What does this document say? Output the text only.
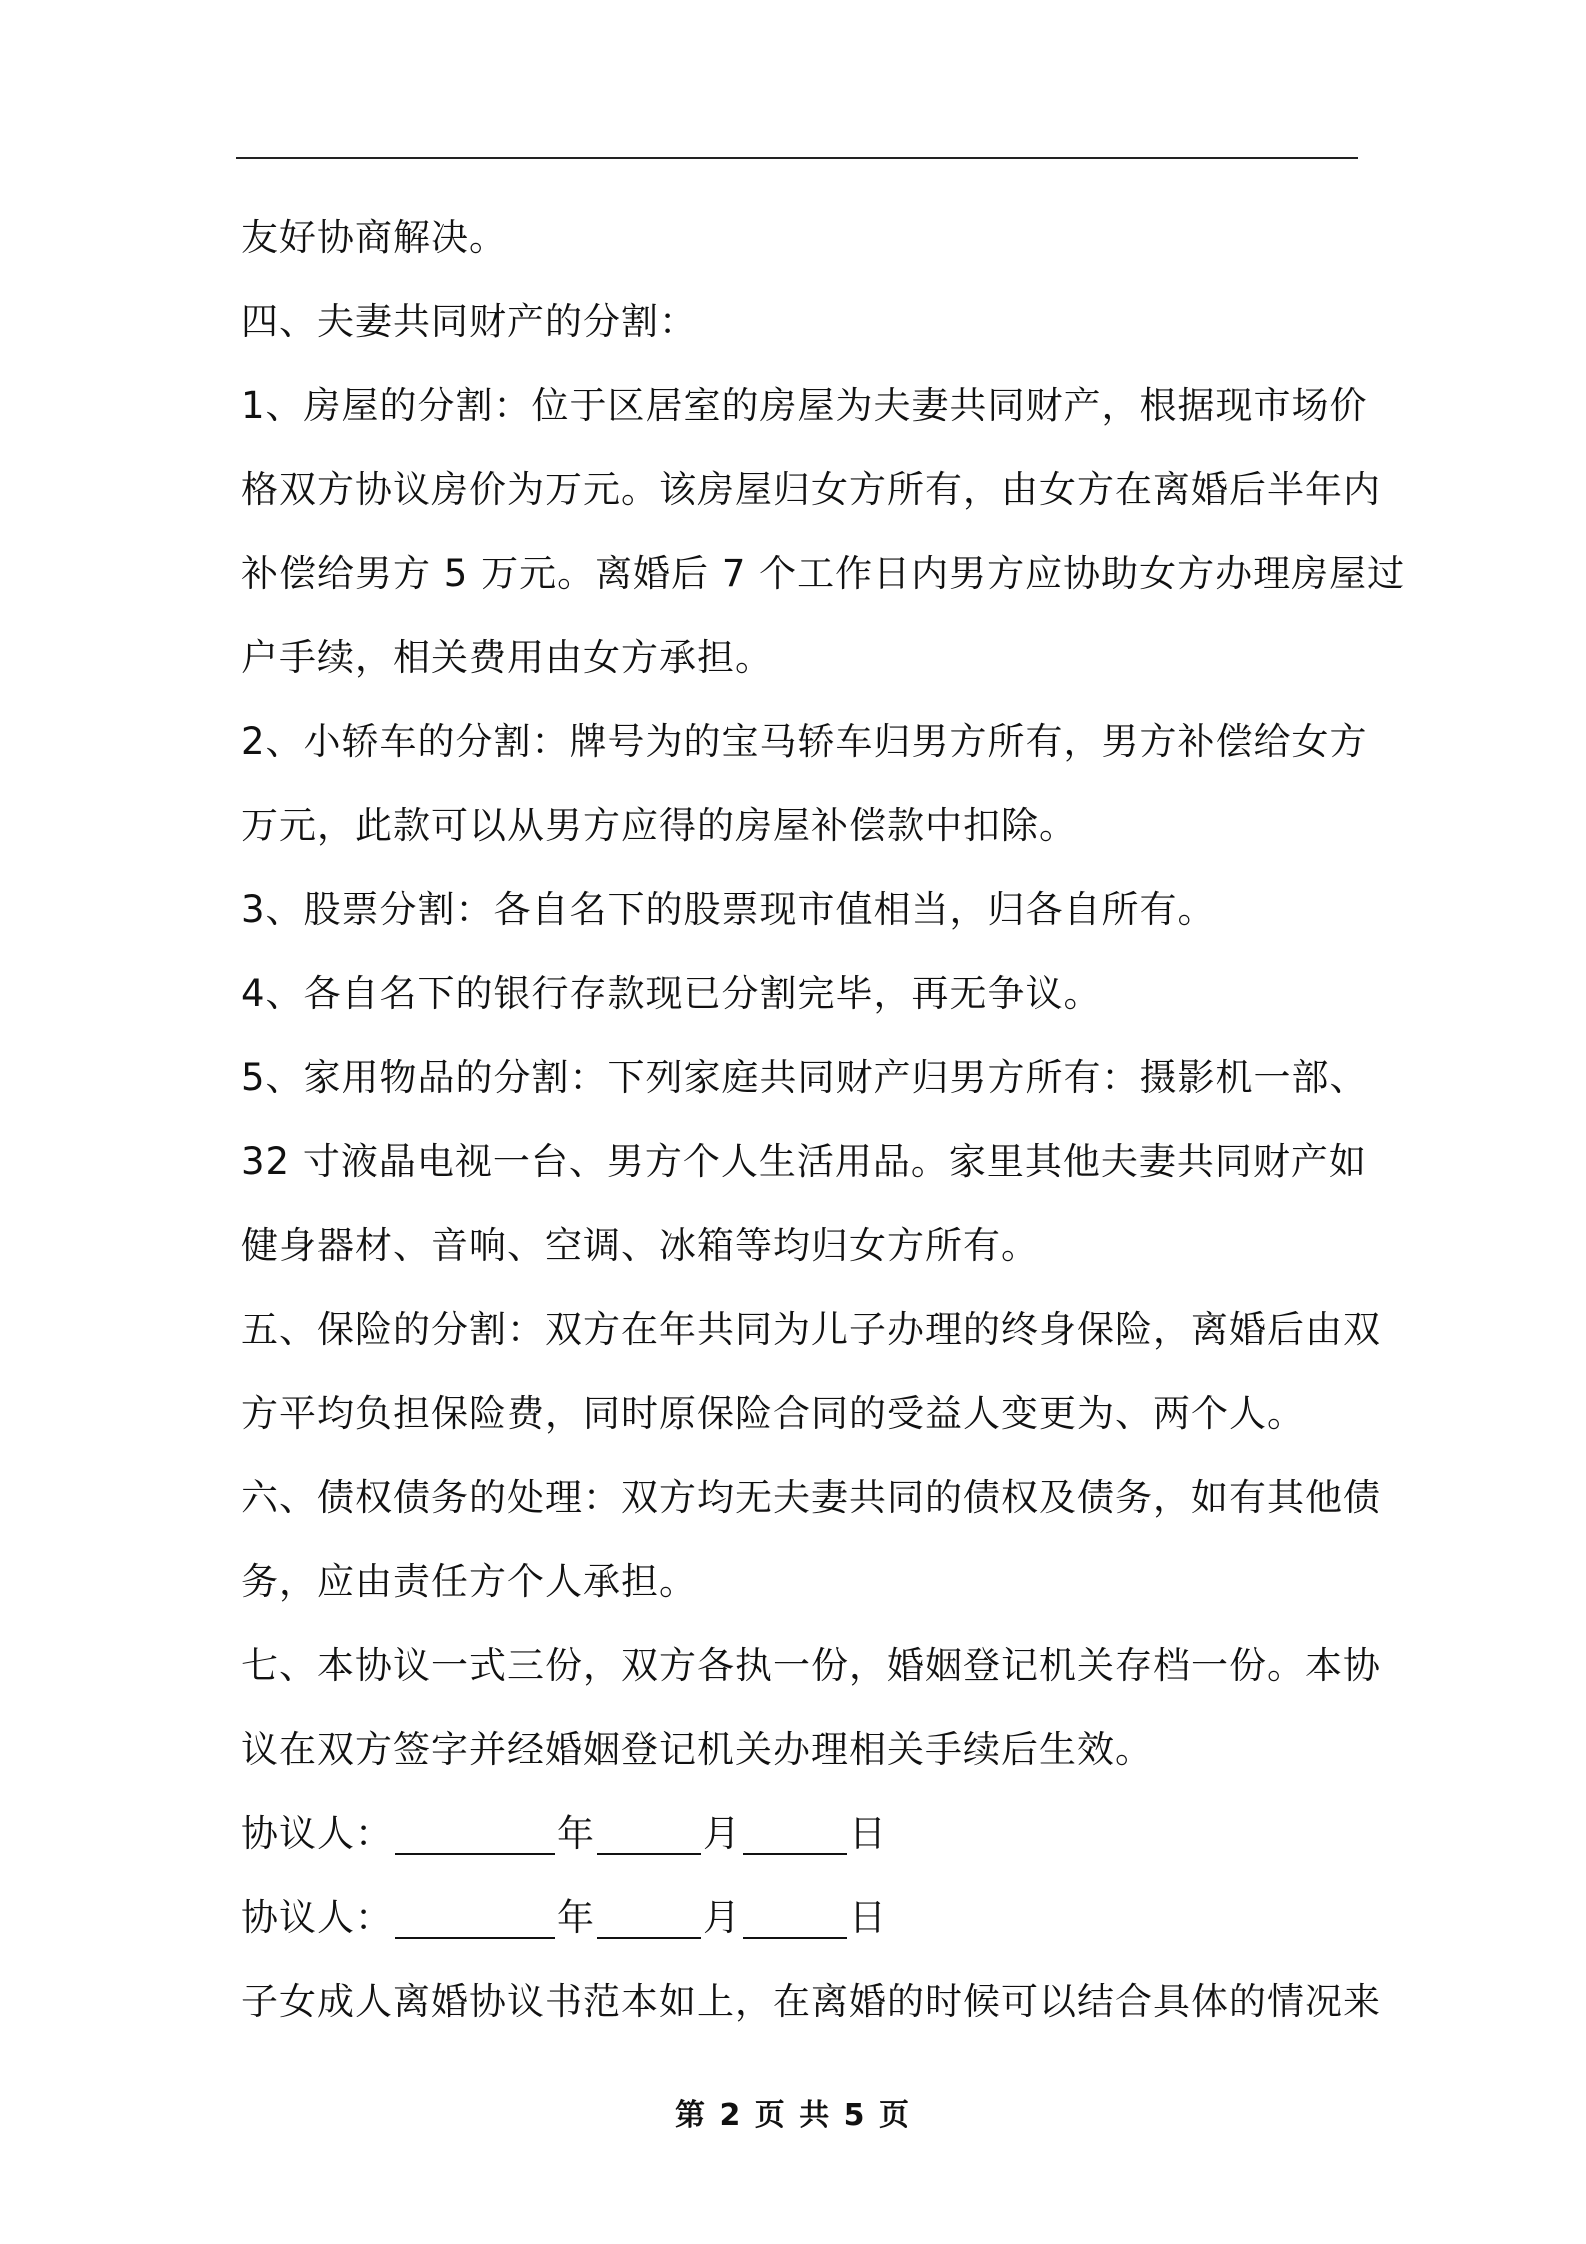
友好协商解决。
四、夫妻共同财产的分割：
1、房屋的分割：位于区居室的房屋为夫妻共同财产，根据现市场价
格双方协议房价为万元。该房屋归女方所有，由女方在离婚后半年内
补偿给男方 5 万元。离婚后 7 个工作日内男方应协助女方办理房屋过
户手续，相关费用由女方承担。
2、小轿车的分割：牌号为的宝马轿车归男方所有，男方补偿给女方
万元，此款可以从男方应得的房屋补偿款中扣除。
3、股票分割：各自名下的股票现市值相当，归各自所有。
4、各自名下的银行存款现已分割完毕，再无争议。
5、家用物品的分割：下列家庭共同财产归男方所有：摄影机一部、
32 寸液晶电视一台、男方个人生活用品。家里其他夫妻共同财产如
健身器材、音响、空调、冰箱等均归女方所有。
五、保险的分割：双方在年共同为儿子办理的终身保险，离婚后由双
方平均负担保险费，同时原保险合同的受益人变更为、两个人。
六、债权债务的处理：双方均无夫妻共同的债权及债务，如有其他债
务，应由责任方个人承担。
七、本协议一式三份，双方各执一份，婚姻登记机关存档一份。本协
议在双方签字并经婚姻登记机关办理相关手续后生效。
协议人：	年	月	日
协议人：	年	月	日
子女成人离婚协议书范本如上，在离婚的时候可以结合具体的情况来
第 2 页 共 5 页
